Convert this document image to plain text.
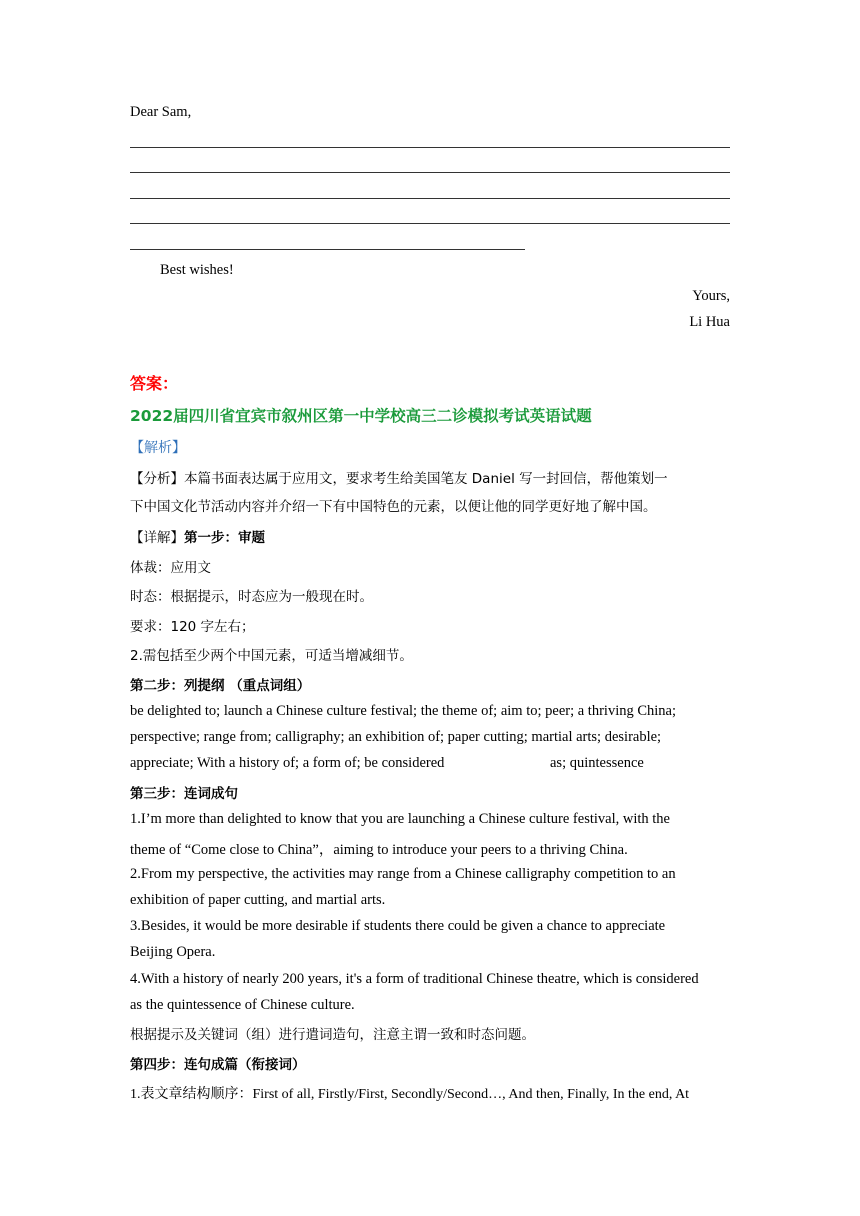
Dear Sam,
Best wishes!
Yours,
Li Hua
答案：
2022届四川省宜宾市叙州区第一中学校高三二诊模拟考试英语试题
【解析】
【分析】本篇书面表达属于应用文，要求考生给美国笔友 Daniel 写一封回信，帮他策划一
下中国文化节活动内容并介绍一下有中国特色的元素，以便让他的同学更好地了解中国。
【详解】第一步：审题
体裁：应用文
时态：根据提示，时态应为一般现在时。
要求：120 字左右；
2.需包括至少两个中国元素，可适当增减细节。
第二步：列提纲 （重点词组）
be delighted to; launch a Chinese culture festival; the theme of; aim to; peer; a thriving China;
perspective; range from; calligraphy; an exhibition of; paper cutting; martial arts; desirable;
appreciate; With a history of; a form of; be considered	as; quintessence
第三步：连词成句
1.I’m more than delighted to know that you are launching a Chinese culture festival, with the
theme of “Come close to China”，aiming to introduce your peers to a thriving China.
2.From my perspective, the activities may range from a Chinese calligraphy competition to an
exhibition of paper cutting, and martial arts.
3.Besides, it would be more desirable if students there could be given a chance to appreciate
Beijing Opera.
4.With a history of nearly 200 years, it's a form of traditional Chinese theatre, which is considered
as the quintessence of Chinese culture.
根据提示及关键词（组）进行遣词造句，注意主谓一致和时态问题。
第四步：连句成篇（衔接词）
1.表文章结构顺序：First of all, Firstly/First, Secondly/Second…, And then, Finally, In the end, At
